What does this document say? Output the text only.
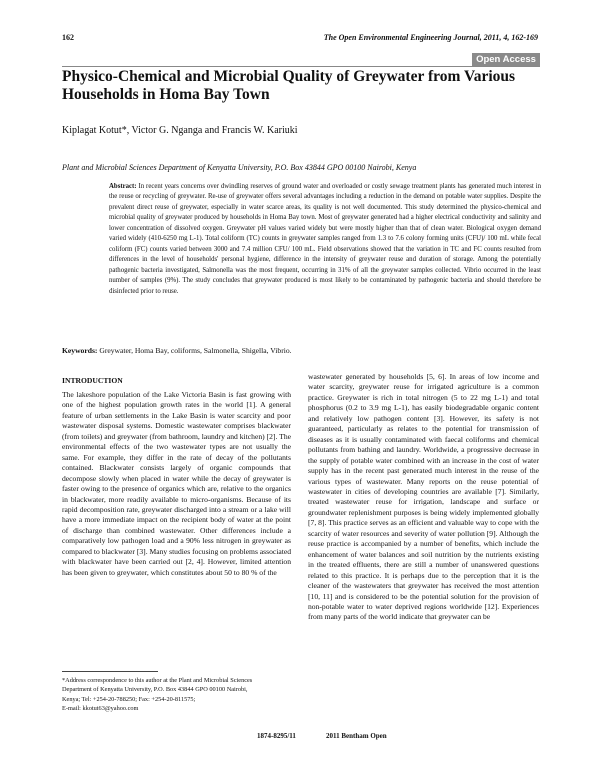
162	The Open Environmental Engineering Journal, 2011, 4, 162-169
Open Access
Physico-Chemical and Microbial Quality of Greywater from Various Households in Homa Bay Town
Kiplagat Kotut*, Victor G. Nganga and Francis W. Kariuki
Plant and Microbial Sciences Department of Kenyatta University, P.O. Box 43844 GPO 00100 Nairobi, Kenya

Abstract: In recent years concerns over dwindling reserves of ground water and overloaded or costly sewage treatment plants has generated much interest in the reuse or recycling of greywater. Re-use of greywater offers several advantages including a reduction in the demand on potable water supplies. Despite the prevalent direct reuse of greywater, especially in water scarce areas, its quality is not well documented. This study determined the physico-chemical and microbial quality of greywater produced by households in Homa Bay town. Most of greywater generated had a higher electrical conductivity and salinity and lower concentration of dissolved oxygen. Greywater pH values varied widely but were mostly higher than that of clean water. Biological oxygen demand varied widely (410-6250 mg L-1). Total coliform (TC) counts in greywater samples ranged from 1.3 to 7.6 colony forming units (CFU)/ 100 mL while fecal coliform (FC) counts varied between 3000 and 7.4 million CFU/ 100 mL. Field observations showed that the variation in TC and FC counts resulted from differences in the level of households' personal hygiene, difference in the intensity of greywater reuse and duration of storage. Among the potentially pathogenic bacteria investigated, Salmonella was the most frequent, occurring in 31% of all the greywater samples collected. Vibrio occurred in the least number of samples (9%). The study concludes that greywater produced is most likely to be contaminated by pathogenic bacteria and should therefore be disinfected prior to reuse.

Keywords: Greywater, Homa Bay, coliforms, Salmonella, Shigella, Vibrio.
INTRODUCTION

The lakeshore population of the Lake Victoria Basin is fast growing with one of the highest population growth rates in the world [1]. A general feature of urban settlements in the Lake Basin is water scarcity and poor wastewater disposal systems. Domestic wastewater comprises blackwater (from toilets) and greywater (from bathroom, laundry and kitchen) [2]. The environmental effects of the two wastewater types are not usually the same. For example, they differ in the rate of decay of the pollutants contained. Blackwater consists largely of organic compounds that decompose slowly when placed in water while the decay of greywater is faster owing to the presence of organics which are, relative to the organics in blackwater, more readily available to micro-organisms. Because of its rapid decomposition rate, greywater discharged into a stream or a lake will have a more immediate impact on the recipient body of water at the point of discharge than combined wastewater. Other differences include a comparatively low pathogen load and a 90% less nitrogen in greywater as compared to blackwater [3]. Many studies focusing on problems associated with blackwater have been carried out [2, 4]. However, limited attention has been given to greywater, which constitutes about 50 to 80 % of the

wastewater generated by households [5, 6]. In areas of low income and water scarcity, greywater reuse for irrigated agriculture is a common practice. Greywater is rich in total nitrogen (5 to 22 mg L-1) and total phosphorus (0.2 to 3.9 mg L-1), has easily biodegradable organic content and relatively low pathogen content [3]. However, its safety is not guaranteed, particularly as relates to the potential for transmission of diseases as it is usually contaminated with faecal coliforms and chemical pollutants from bathing and laundry. Worldwide, a progressive decrease in the supply of potable water combined with an increase in the cost of water supply has in the recent past generated much interest in the reuse of the various types of wastewater. Many reports on the reuse potential of wastewater in cities of developing countries are available [7]. Similarly, treated wastewater reuse for irrigation, landscape and surface or groundwater replenishment purposes is being widely implemented globally [7, 8]. This practice serves as an efficient and valuable way to cope with the scarcity of water resources and severity of water pollution [9]. Although the reuse practice is accompanied by a number of benefits, which include the enhancement of water balances and soil nutrition by the nutrients existing in the treated effluents, there are still a number of unanswered questions related to this practice. It is perhaps due to the perception that it is the cleaner of the wastewaters that greywater has received the most attention [10, 11] and is considered to be the potential solution for the provision of non-potable water to water deprived regions worldwide [12]. Experiences from many parts of the world indicate that greywater can be

*Address correspondence to this author at the Plant and Microbial Sciences
Department of Kenyatta University, P.O. Box 43844 GPO 00100 Nairobi,
Kenya; Tel: +254-20-788250; Fax: +254-20-811575;
E-mail: kkotut63@yahoo.com

1874-8295/11	2011 Bentham Open
